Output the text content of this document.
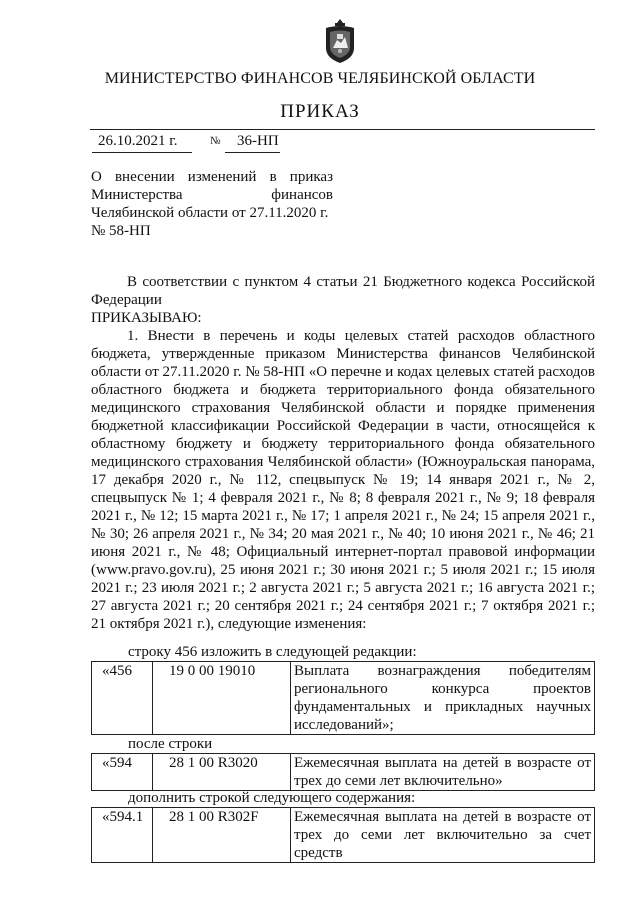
МИНИСТЕРСТВО ФИНАНСОВ ЧЕЛЯБИНСКОЙ ОБЛАСТИ
ПРИКАЗ
26.10.2021 г.	№ 36-НП
О внесении изменений в приказ
Министерства	финансов
Челябинской области от 27.11.2020 г.
№ 58-НП
В соответствии с пунктом 4 статьи 21 Бюджетного кодекса Российской Федерации
ПРИКАЗЫВАЮ:
1. Внести в перечень и коды целевых статей расходов областного бюджета, утвержденные приказом Министерства финансов Челябинской области от 27.11.2020 г. № 58-НП «О перечне и кодах целевых статей расходов областного бюджета и бюджета территориального фонда обязательного медицинского страхования Челябинской области и порядке применения бюджетной классификации Российской Федерации в части, относящейся к областному бюджету и бюджету территориального фонда обязательного медицинского страхования Челябинской области» (Южноуральская панорама, 17 декабря 2020 г., № 112, спецвыпуск № 19; 14 января 2021 г., № 2, спецвыпуск № 1; 4 февраля 2021 г., № 8; 8 февраля 2021 г., № 9; 18 февраля 2021 г., № 12; 15 марта 2021 г., № 17; 1 апреля 2021 г., № 24; 15 апреля 2021 г., № 30; 26 апреля 2021 г., № 34; 20 мая 2021 г., № 40; 10 июня 2021 г., № 46; 21 июня 2021 г., № 48; Официальный интернет-портал правовой информации (www.pravo.gov.ru), 25 июня 2021 г.; 30 июня 2021 г.; 5 июля 2021 г.; 15 июля 2021 г.; 23 июля 2021 г.; 2 августа 2021 г.; 5 августа 2021 г.; 16 августа 2021 г.; 27 августа 2021 г.; 20 сентября 2021 г.; 24 сентября 2021 г.; 7 октября 2021 г.; 21 октября 2021 г.), следующие изменения:
строку 456 изложить в следующей редакции:
«456	19 0 00 19010	Выплата вознаграждения победителям регионального конкурса проектов фундаментальных и прикладных научных исследований»;
после строки
«594	28 1 00 R3020	Ежемесячная выплата на детей в возрасте от трех до семи лет включительно»
дополнить строкой следующего содержания:
«594.1	28 1 00 R302F	Ежемесячная выплата на детей в возрасте от трех до семи лет включительно за счет средств
